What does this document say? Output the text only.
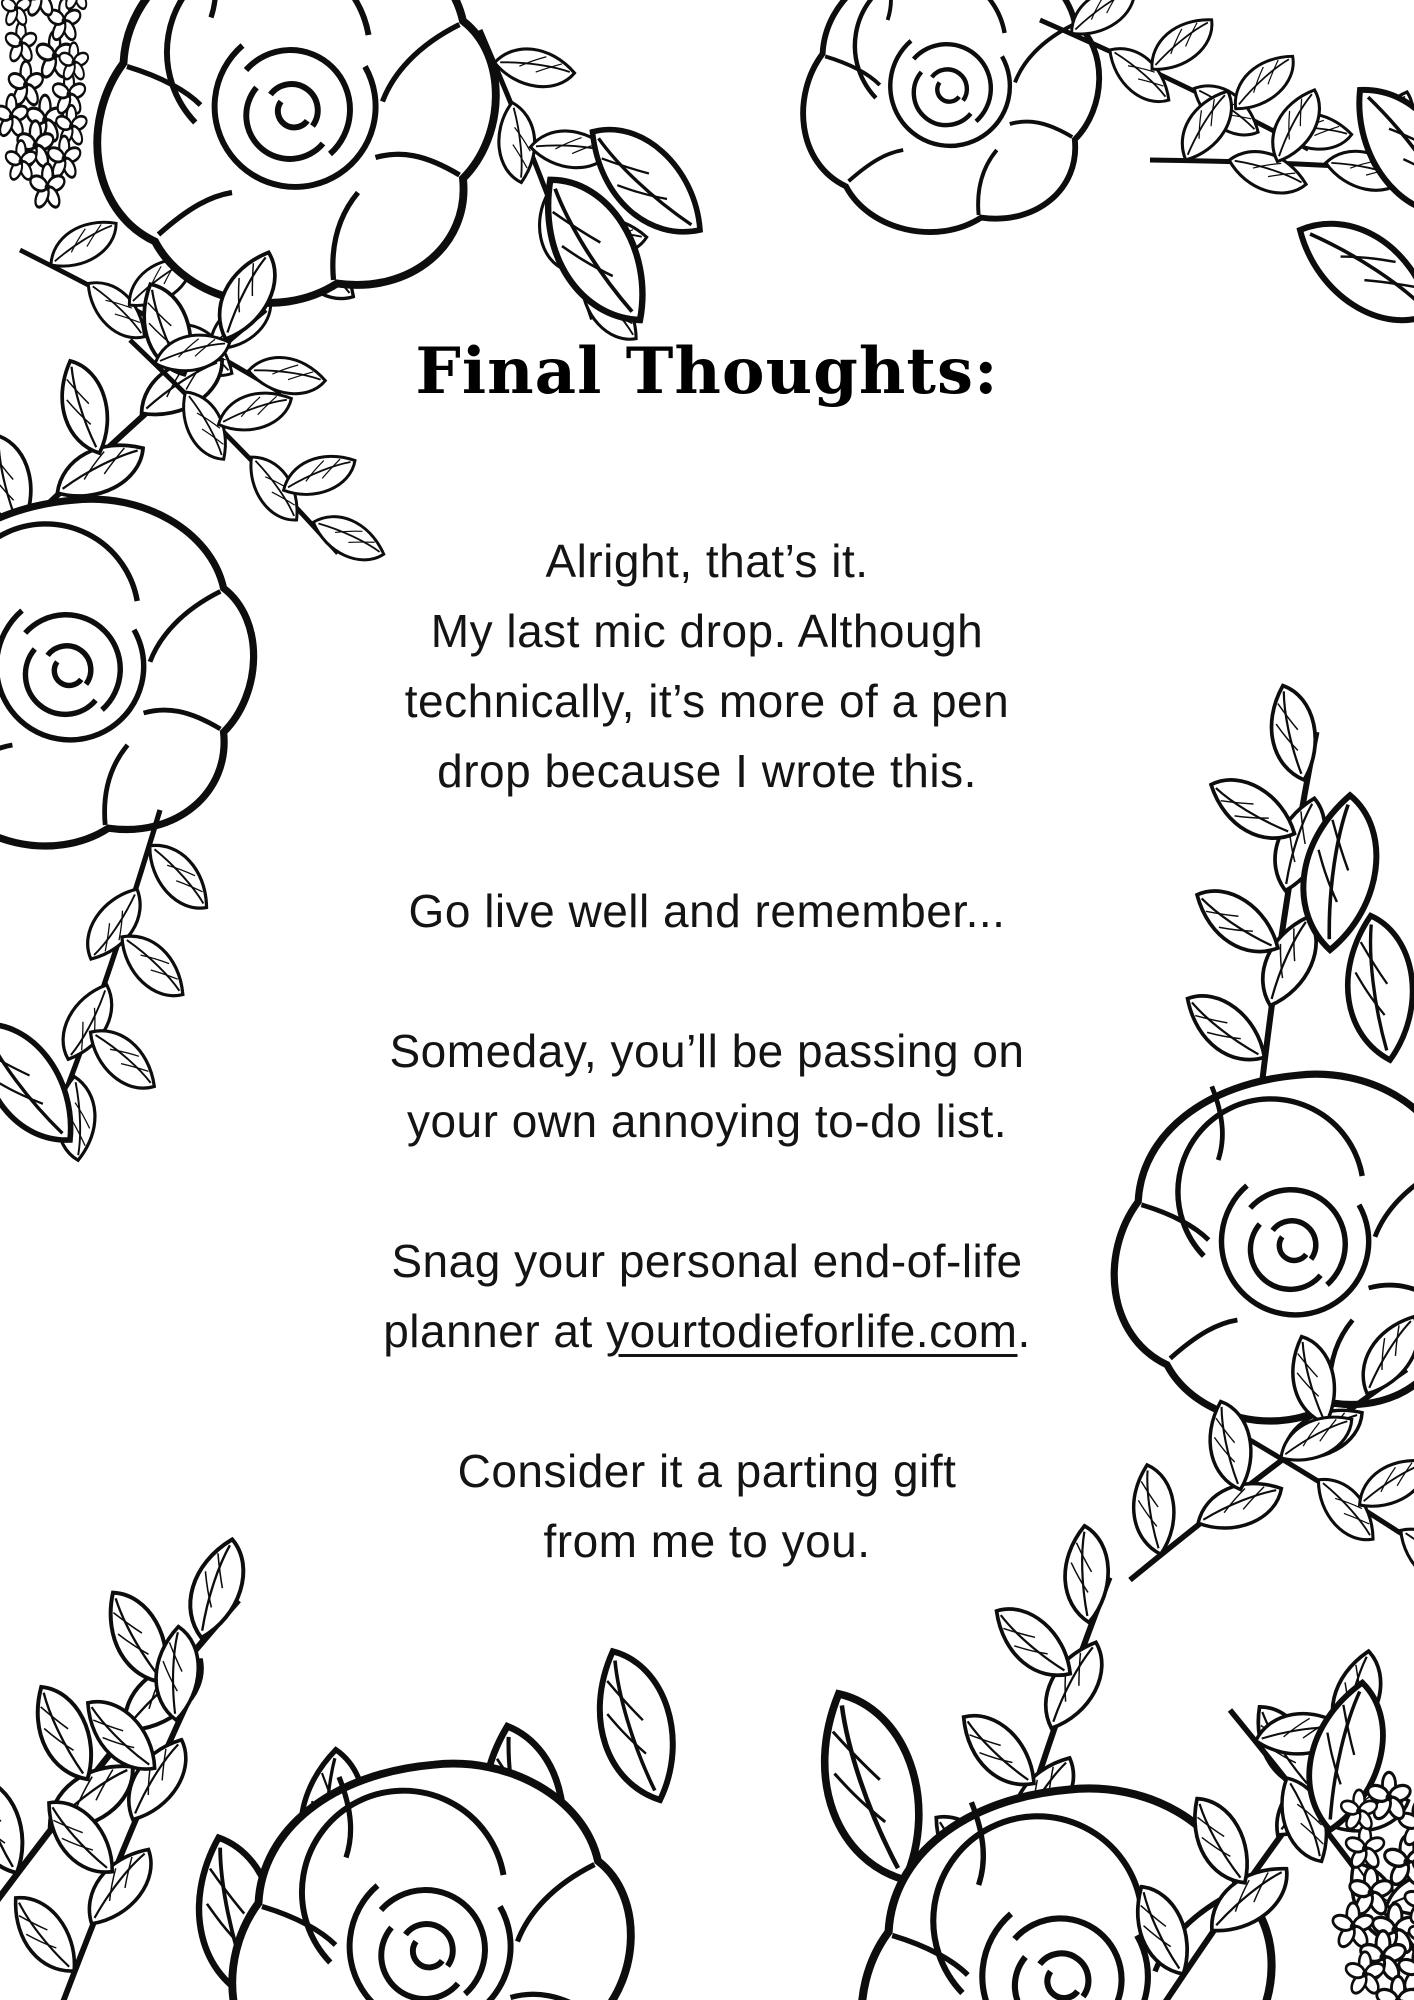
Final Thoughts:

Alright, that’s it.
My last mic drop. Although
technically, it’s more of a pen
drop because I wrote this.

Go live well and remember...

Someday, you’ll be passing on
your own annoying to-do list.

Snag your personal end-of-life
planner at yourtodieforlife.com.

Consider it a parting gift
from me to you.
